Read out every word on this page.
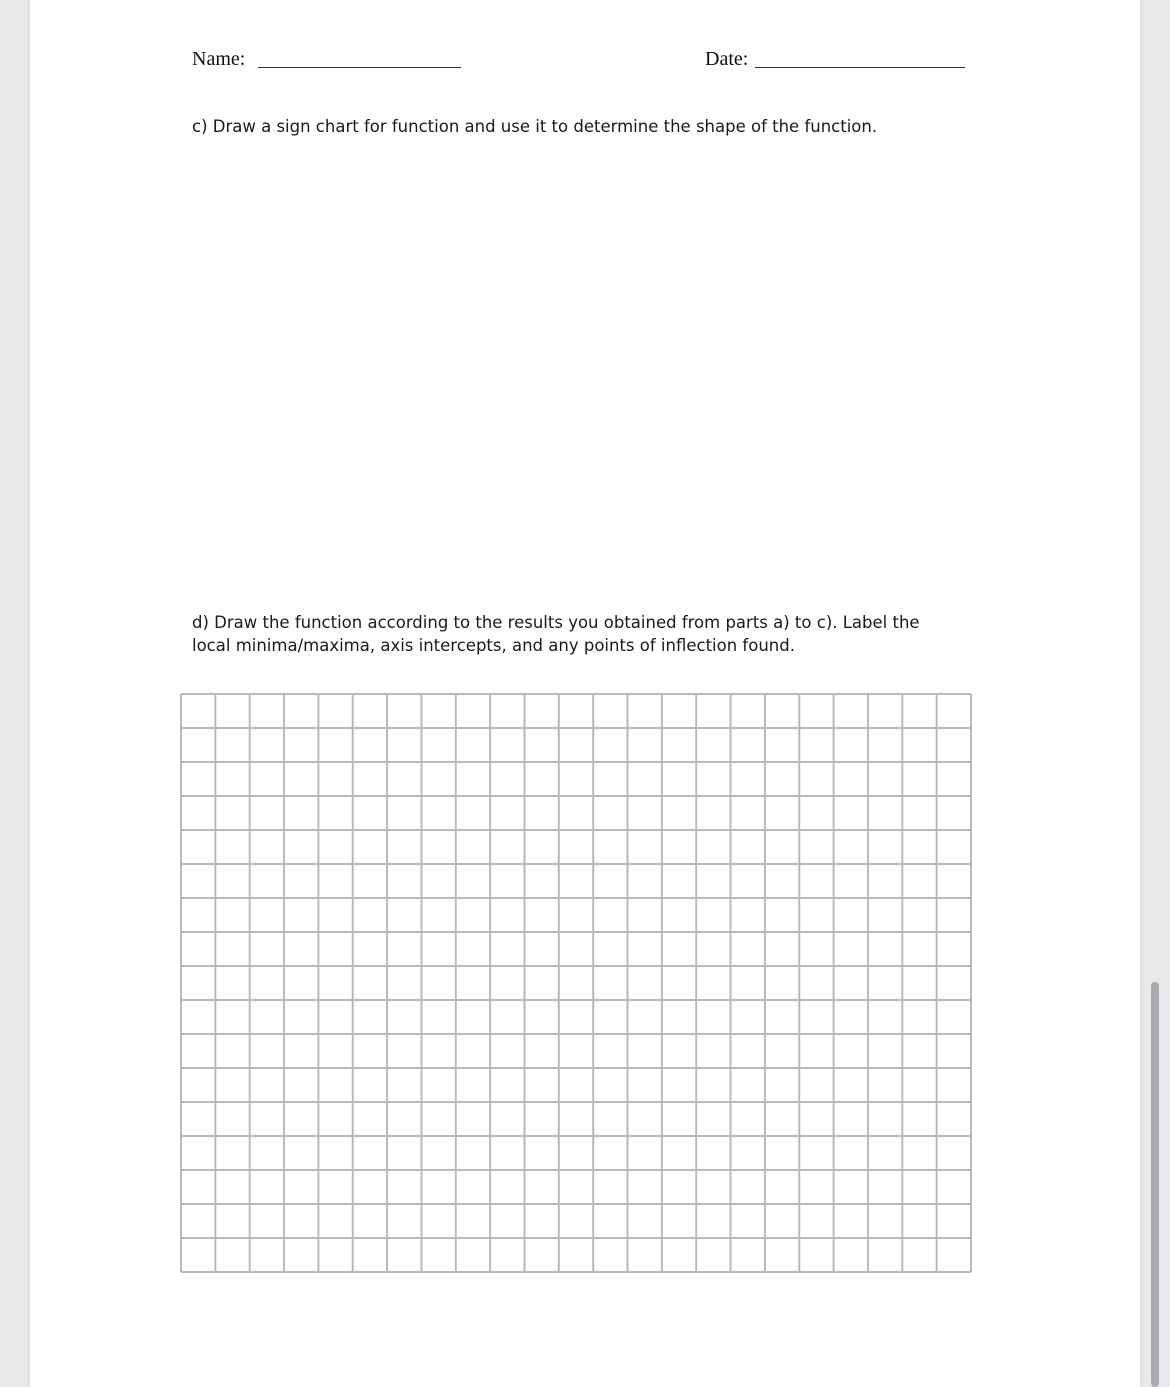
Name:	Date:
c) Draw a sign chart for function and use it to determine the shape of the function.
d) Draw the function according to the results you obtained from parts a) to c). Label the
local minima/maxima, axis intercepts, and any points of inflection found.
